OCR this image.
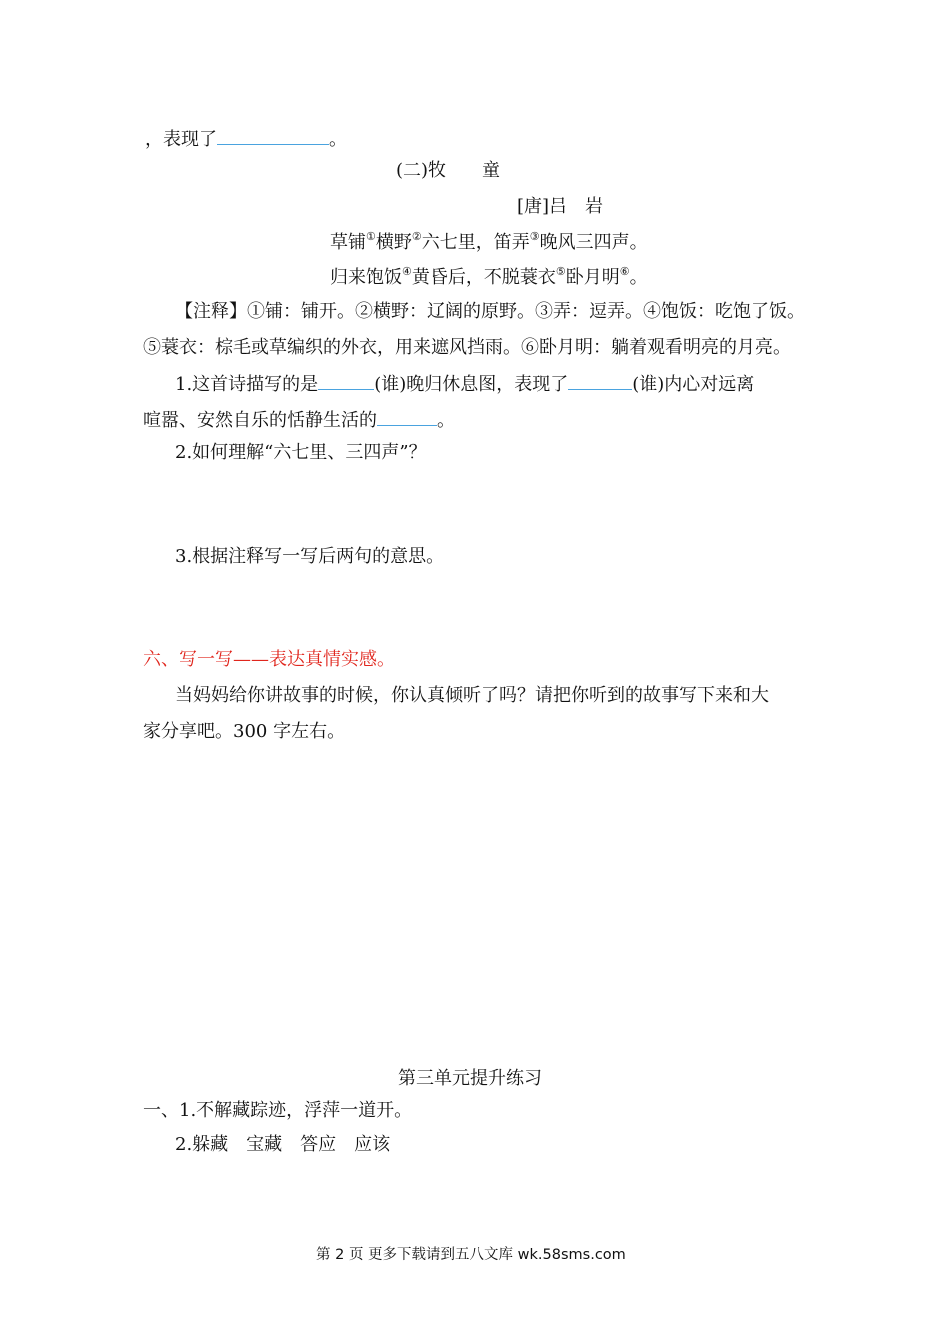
，表现了	。
(二)牧　　童
[唐]吕　岩
草铺①横野②六七里，笛弄③晚风三四声。
归来饱饭④黄昏后，不脱蓑衣⑤卧月明⑥。
【注释】①铺：铺开。②横野：辽阔的原野。③弄：逗弄。④饱饭：吃饱了饭。
⑤蓑衣：棕毛或草编织的外衣，用来遮风挡雨。⑥卧月明：躺着观看明亮的月亮。
1.这首诗描写的是	(谁)晚归休息图，表现了	(谁)内心对远离
喧嚣、安然自乐的恬静生活的	。
2.如何理解“六七里、三四声”？
3.根据注释写一写后两句的意思。
六、写一写——表达真情实感。
当妈妈给你讲故事的时候，你认真倾听了吗？请把你听到的故事写下来和大
家分享吧。300 字左右。
第三单元提升练习
一、1.不解藏踪迹，浮萍一道开。
2.躲藏　宝藏　答应　应该
第 2 页 更多下载请到五八文库 wk.58sms.com
